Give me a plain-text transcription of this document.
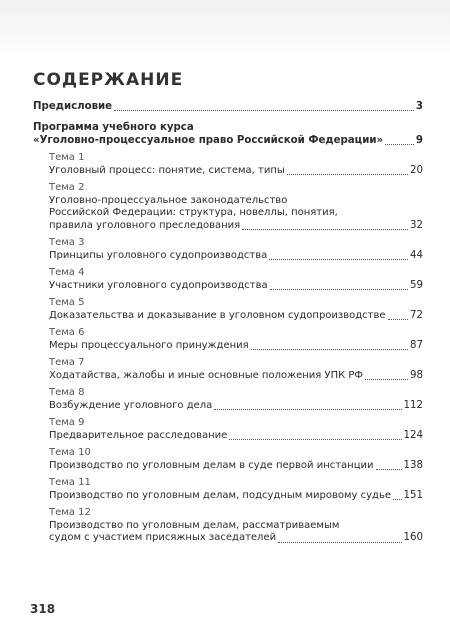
СОДЕРЖАНИЕ
Предисловие	3
Программа учебного курса
«Уголовно-процессуальное право Российской Федерации»	9
Тема 1
Уголовный процесс: понятие, система, типы	20
Тема 2
Уголовно-процессуальное законодательство
Российской Федерации: структура, новеллы, понятия,
правила уголовного преследования	32
Тема 3
Принципы уголовного судопроизводства	44
Тема 4
Участники уголовного судопроизводства	59
Тема 5
Доказательства и доказывание в уголовном судопроизводстве 72
Тема 6
Меры процессуального принуждения	87
Тема 7
Ходатайства, жалобы и иные основные положения УПК РФ	98
Тема 8
Возбуждение уголовного дела	112
Тема 9
Предварительное расследование	124
Тема 10
Производство по уголовным делам в суде первой инстанции	138
Тема 11
Производство по уголовным делам, подсудным мировому судье 151
Тема 12
Производство по уголовным делам, рассматриваемым
судом с участием присяжных заседателей	160
318
